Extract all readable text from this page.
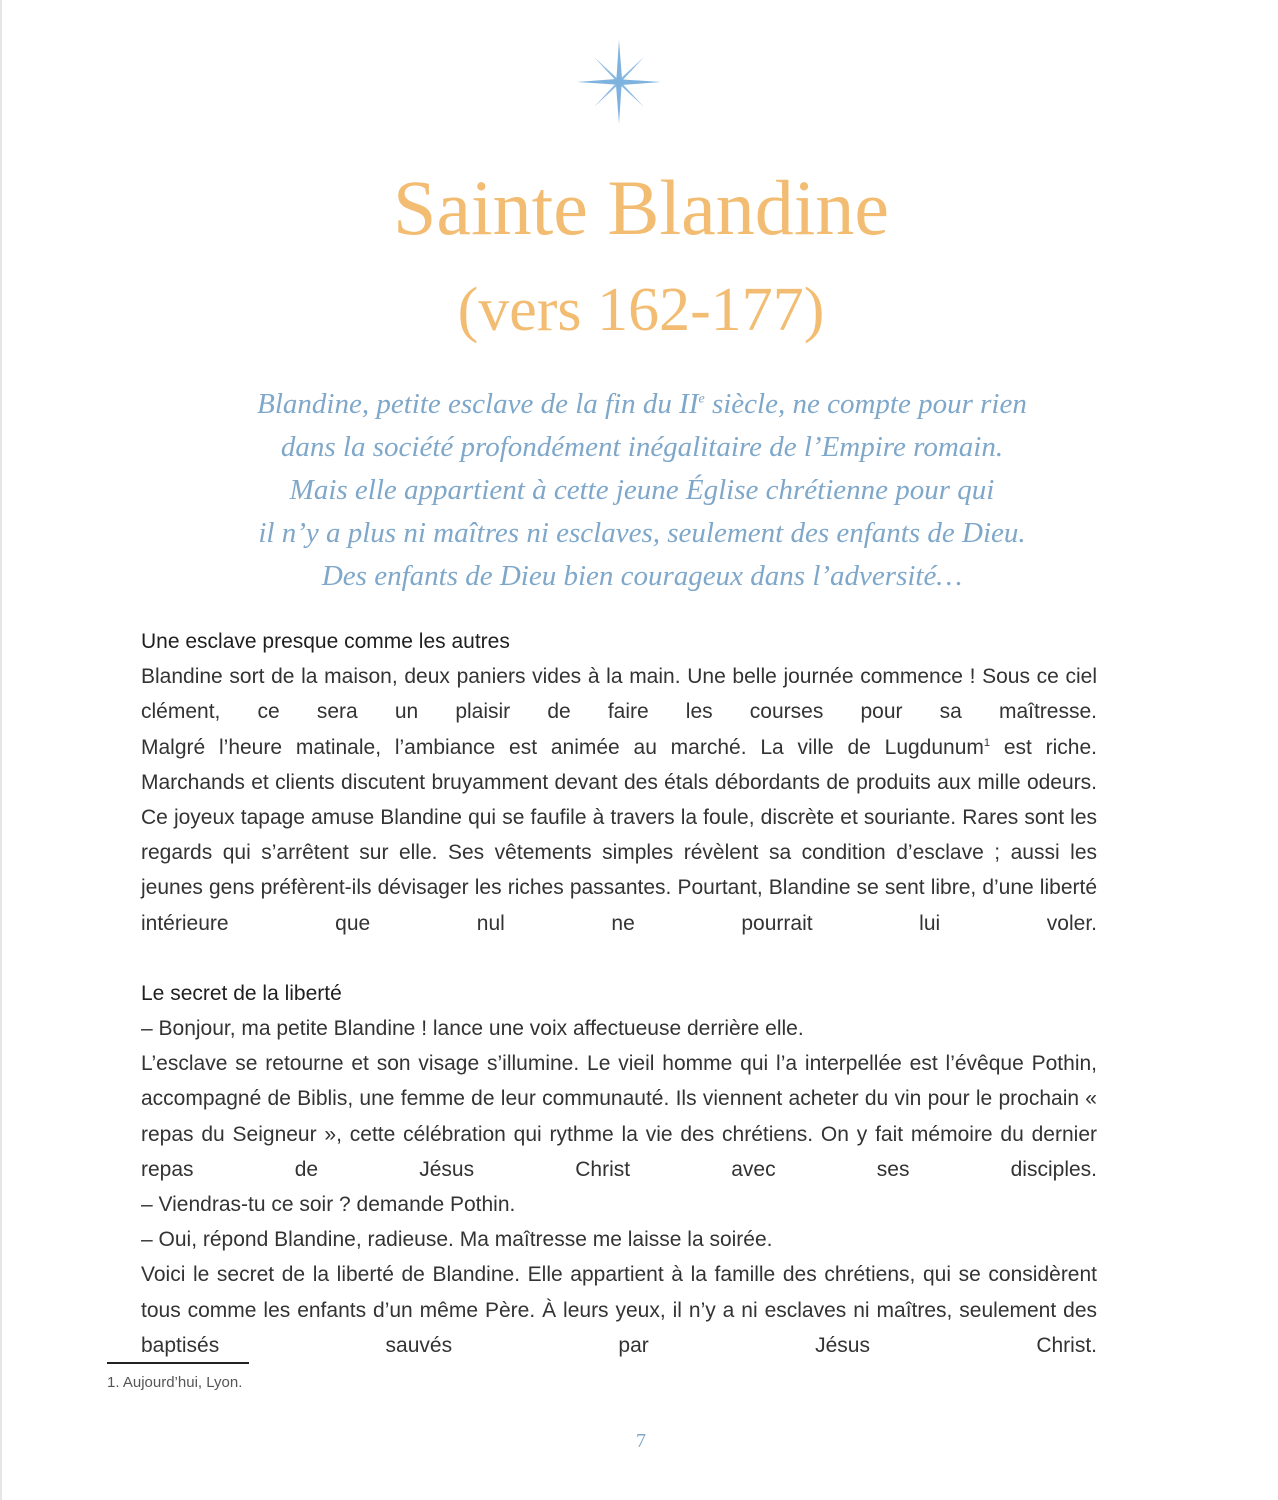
Sainte Blandine
(vers 162-177)
Blandine, petite esclave de la fin du IIe siècle, ne compte pour rien
dans la société profondément inégalitaire de l’Empire romain.
Mais elle appartient à cette jeune Église chrétienne pour qui
il n’y a plus ni maîtres ni esclaves, seulement des enfants de Dieu.
Des enfants de Dieu bien courageux dans l’adversité…

Une esclave presque comme les autres

Blandine sort de la maison, deux paniers vides à la main. Une belle journée commence ! Sous ce ciel clément, ce sera un plaisir de faire les courses pour sa maîtresse.

Malgré l’heure matinale, l’ambiance est animée au marché. La ville de Lugdunum$^1$ est riche. Marchands et clients discutent bruyamment devant des étals débordants de produits aux mille odeurs. Ce joyeux tapage amuse Blandine qui se faufile à travers la foule, discrète et souriante. Rares sont les regards qui s’arrêtent sur elle. Ses vêtements simples révèlent sa condition d’esclave ; aussi les jeunes gens préfèrent-ils dévisager les riches passantes. Pourtant, Blandine se sent libre, d’une liberté intérieure que nul ne pourrait lui voler.

Le secret de la liberté

– Bonjour, ma petite Blandine ! lance une voix affectueuse derrière elle.

L’esclave se retourne et son visage s’illumine. Le vieil homme qui l’a interpellée est l’évêque Pothin, accompagné de Biblis, une femme de leur communauté. Ils viennent acheter du vin pour le prochain « repas du Seigneur », cette célébration qui rythme la vie des chrétiens. On y fait mémoire du dernier repas de Jésus Christ avec ses disciples.

– Viendras-tu ce soir ? demande Pothin.

– Oui, répond Blandine, radieuse. Ma maîtresse me laisse la soirée.

Voici le secret de la liberté de Blandine. Elle appartient à la famille des chrétiens, qui se considèrent tous comme les enfants d’un même Père. À leurs yeux, il n’y a ni esclaves ni maîtres, seulement des baptisés sauvés par Jésus Christ.

1. Aujourd’hui, Lyon.

7
